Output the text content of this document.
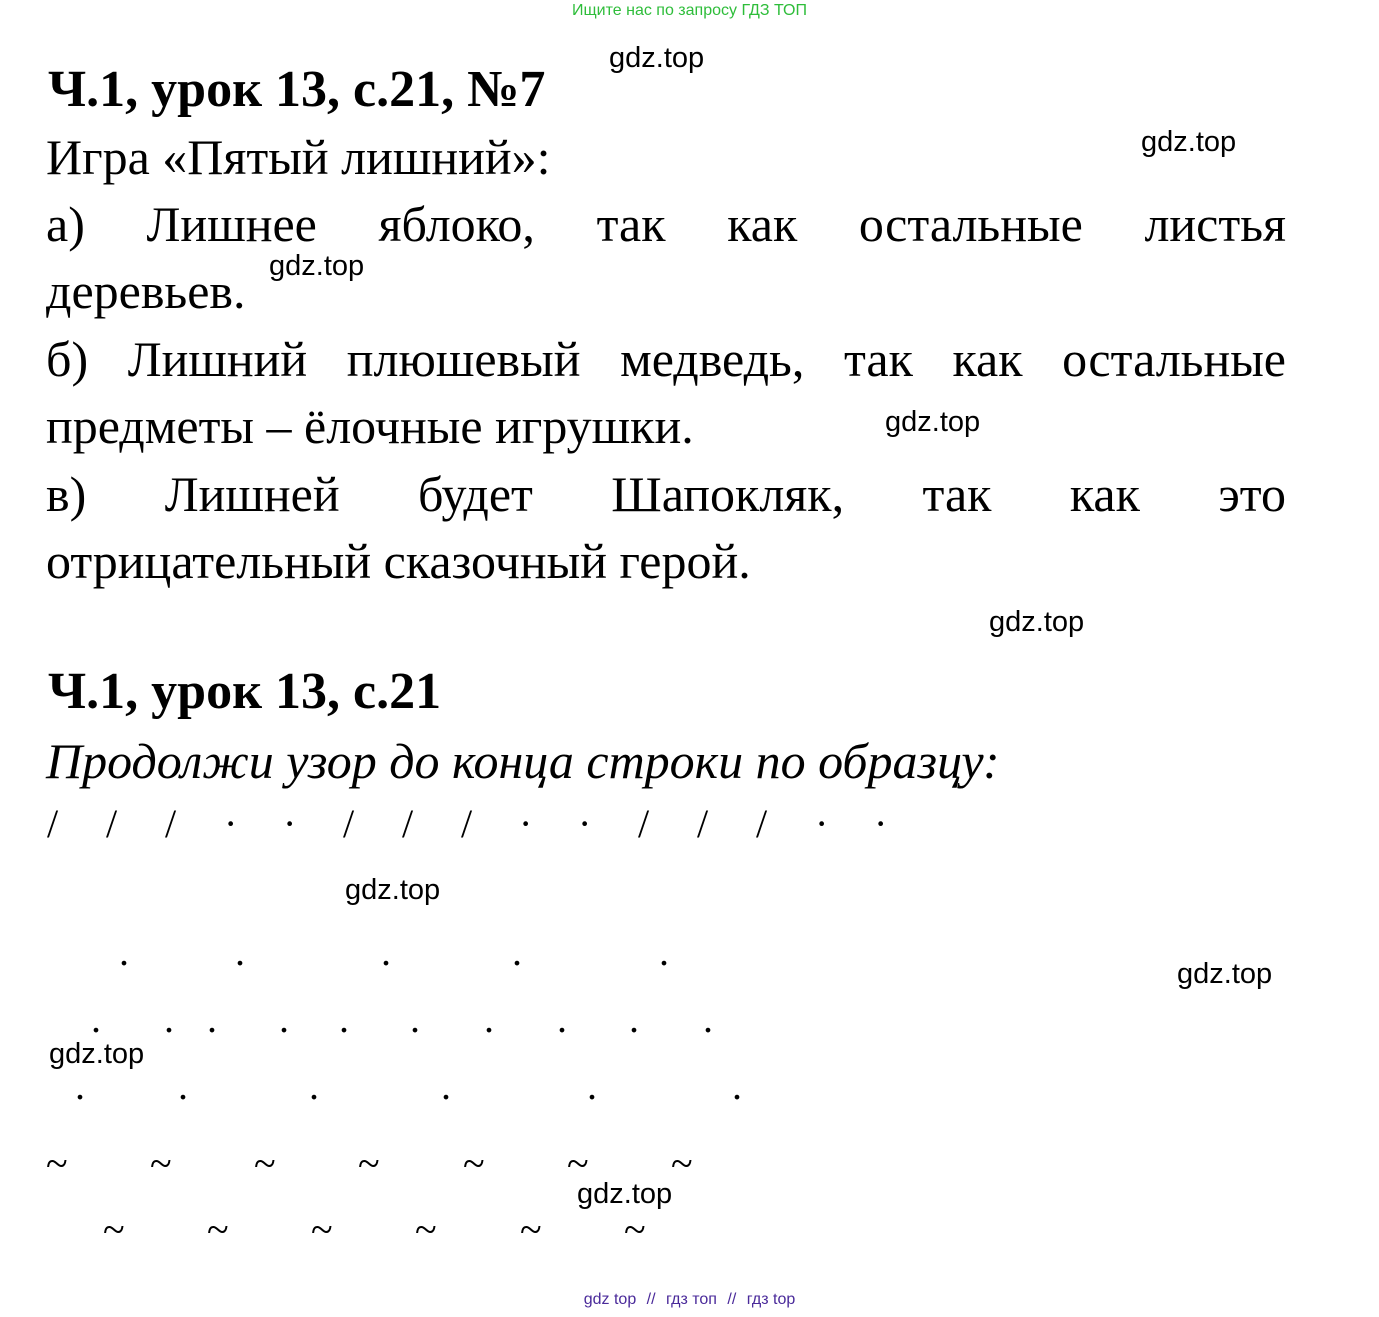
Ищите нас по запросу ГДЗ ТОП
Ч.1, урок 13, с.21, №7
gdz.top
Игра «Пятый лишний»:	gdz.top
а) Лишнее яблоко, так как остальные листья
деревьев. gdz.top
б) Лишний плюшевый медведь, так как остальные
предметы – ёлочные игрушки.	gdz.top
в) Лишней будет Шапокляк, так как это
отрицательный сказочный герой.
gdz.top
Ч.1, урок 13, с.21
Продолжи узор до конца строки по образцу:
/ / /	/ / /	/ / /
· ·	· ·	· ·
gdz.top
.	.	.	.	.	gdz.top
. . . . . . . . . .
gdz.top
. .	.	.	.	.
~ ~ ~ ~ ~ ~ ~
gdz.top
~ ~ ~ ~ ~ ~
gdz top // гдз топ // гдз top
